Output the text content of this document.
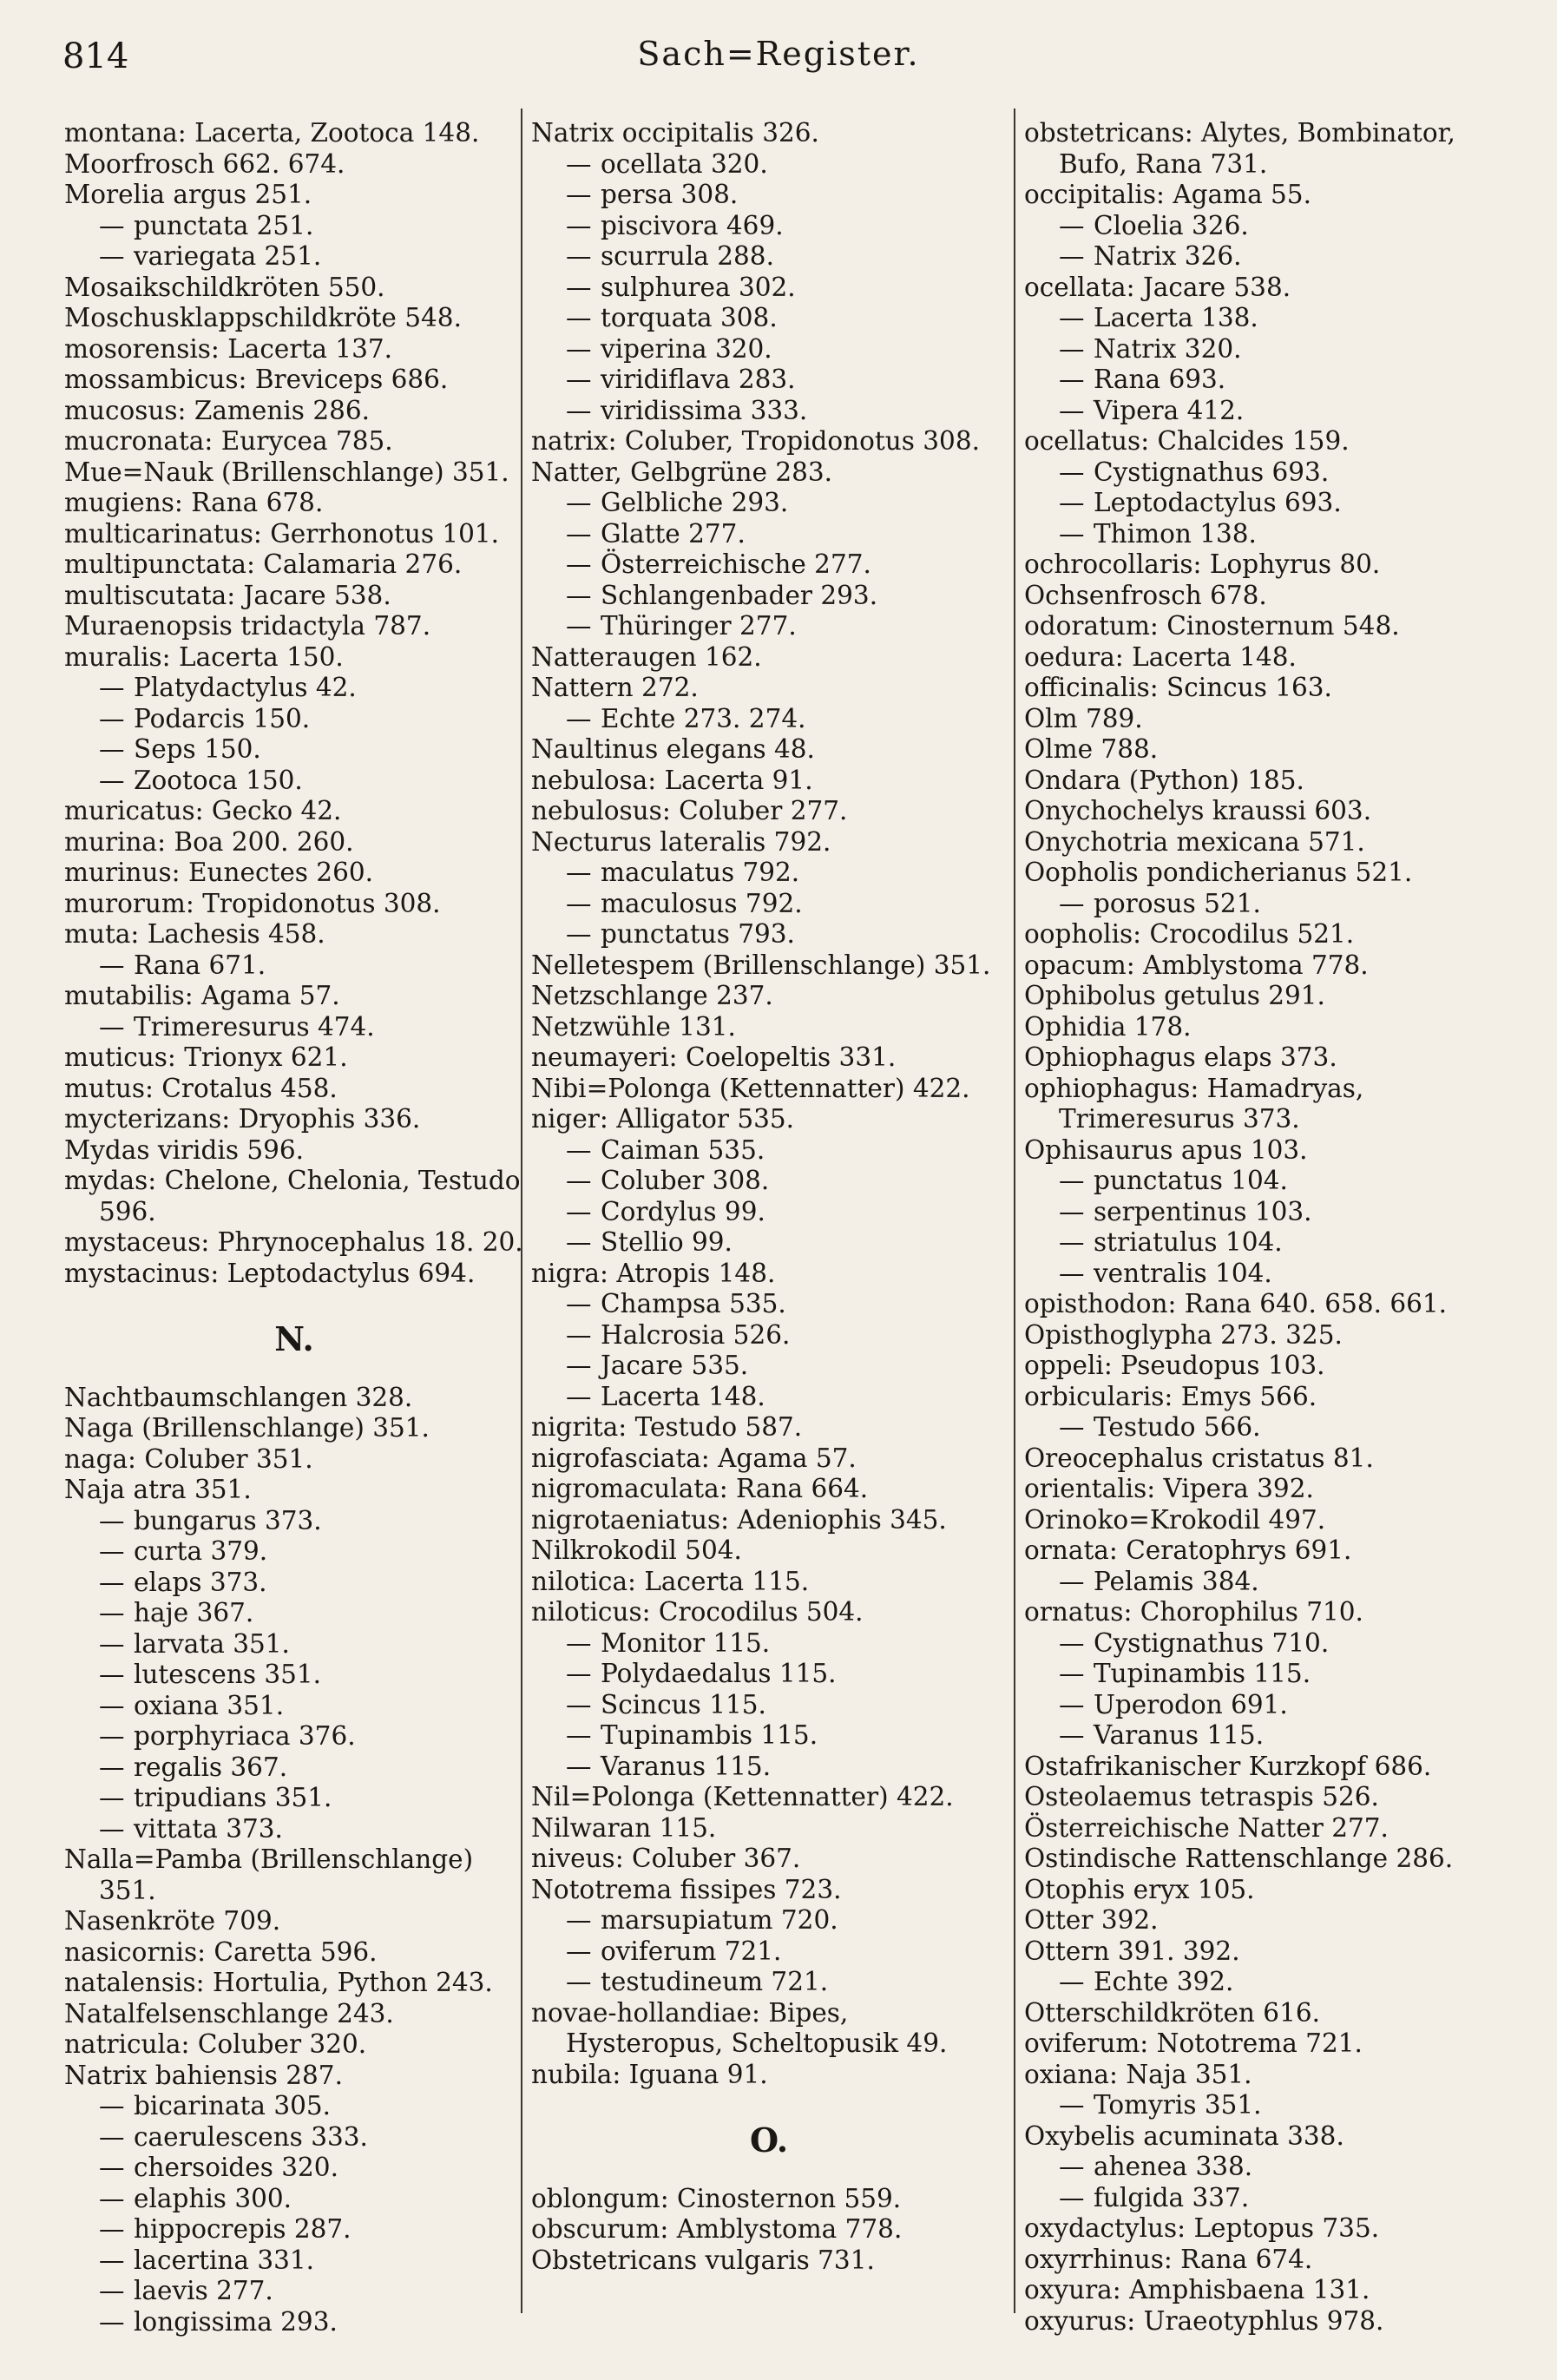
814	Sach=Register.
montana: Lacerta, Zootoca 148.
Moorfrosch 662. 674.
Morelia argus 251.
— punctata 251.
— variegata 251.
Mosaikschildkröten 550.
Moschusklappschildkröte 548.
mosorensis: Lacerta 137.
mossambicus: Breviceps 686.
mucosus: Zamenis 286.
mucronata: Eurycea 785.
Mue=Nauk (Brillenschlange) 351.
mugiens: Rana 678.
multicarinatus: Gerrhonotus 101.
multipunctata: Calamaria 276.
multiscutata: Jacare 538.
Muraenopsis tridactyla 787.
muralis: Lacerta 150.
— Platydactylus 42.
— Podarcis 150.
— Seps 150.
— Zootoca 150.
muricatus: Gecko 42.
murina: Boa 200. 260.
murinus: Eunectes 260.
murorum: Tropidonotus 308.
muta: Lachesis 458.
— Rana 671.
mutabilis: Agama 57.
— Trimeresurus 474.
muticus: Trionyx 621.
mutus: Crotalus 458.
mycterizans: Dryophis 336.
Mydas viridis 596.
mydas: Chelone, Chelonia, Testudo 596.
mystaceus: Phrynocephalus 18. 20.
mystacinus: Leptodactylus 694.
N.
Nachtbaumschlangen 328.
Naga (Brillenschlange) 351.
naga: Coluber 351.
Naja atra 351.
— bungarus 373.
— curta 379.
— elaps 373.
— haje 367.
— larvata 351.
— lutescens 351.
— oxiana 351.
— porphyriaca 376.
— regalis 367.
— tripudians 351.
— vittata 373.
Nalla=Pamba (Brillenschlange) 351.
Nasenkröte 709.
nasicornis: Caretta 596.
natalensis: Hortulia, Python 243.
Natalfelsenschlange 243.
natricula: Coluber 320.
Natrix bahiensis 287.
— bicarinata 305.
— caerulescens 333.
— chersoides 320.
— elaphis 300.
— hippocrepis 287.
— lacertina 331.
— laevis 277.
— longissima 293.
Natrix occipitalis 326.
— ocellata 320.
— persa 308.
— piscivora 469.
— scurrula 288.
— sulphurea 302.
— torquata 308.
— viperina 320.
— viridiflava 283.
— viridissima 333.
natrix: Coluber, Tropidonotus 308.
Natter, Gelbgrüne 283.
— Gelbliche 293.
— Glatte 277.
— Österreichische 277.
— Schlangenbader 293.
— Thüringer 277.
Natteraugen 162.
Nattern 272.
— Echte 273. 274.
Naultinus elegans 48.
nebulosa: Lacerta 91.
nebulosus: Coluber 277.
Necturus lateralis 792.
— maculatus 792.
— maculosus 792.
— punctatus 793.
Nelletespem (Brillenschlange) 351.
Netzschlange 237.
Netzwühle 131.
neumayeri: Coelopeltis 331.
Nibi=Polonga (Kettennatter) 422.
niger: Alligator 535.
— Caiman 535.
— Coluber 308.
— Cordylus 99.
— Stellio 99.
nigra: Atropis 148.
— Champsa 535.
— Halcrosia 526.
— Jacare 535.
— Lacerta 148.
nigrita: Testudo 587.
nigrofasciata: Agama 57.
nigromaculata: Rana 664.
nigrotaeniatus: Adeniophis 345.
Nilkrokodil 504.
nilotica: Lacerta 115.
niloticus: Crocodilus 504.
— Monitor 115.
— Polydaedalus 115.
— Scincus 115.
— Tupinambis 115.
— Varanus 115.
Nil=Polonga (Kettennatter) 422.
Nilwaran 115.
niveus: Coluber 367.
Nototrema fissipes 723.
— marsupiatum 720.
— oviferum 721.
— testudineum 721.
novae-hollandiae: Bipes, Hysteropus, Scheltopusik 49.
nubila: Iguana 91.
O.
oblongum: Cinosternon 559.
obscurum: Amblystoma 778.
Obstetricans vulgaris 731.
obstetricans: Alytes, Bombinator, Bufo, Rana 731.
occipitalis: Agama 55.
— Cloelia 326.
— Natrix 326.
ocellata: Jacare 538.
— Lacerta 138.
— Natrix 320.
— Rana 693.
— Vipera 412.
ocellatus: Chalcides 159.
— Cystignathus 693.
— Leptodactylus 693.
— Thimon 138.
ochrocollaris: Lophyrus 80.
Ochsenfrosch 678.
odoratum: Cinosternum 548.
oedura: Lacerta 148.
officinalis: Scincus 163.
Olm 789.
Olme 788.
Ondara (Python) 185.
Onychochelys kraussi 603.
Onychotria mexicana 571.
Oopholis pondicherianus 521.
— porosus 521.
oopholis: Crocodilus 521.
opacum: Amblystoma 778.
Ophibolus getulus 291.
Ophidia 178.
Ophiophagus elaps 373.
ophiophagus: Hamadryas, Trimeresurus 373.
Ophisaurus apus 103.
— punctatus 104.
— serpentinus 103.
— striatulus 104.
— ventralis 104.
opisthodon: Rana 640. 658. 661.
Opisthoglypha 273. 325.
oppeli: Pseudopus 103.
orbicularis: Emys 566.
— Testudo 566.
Oreocephalus cristatus 81.
orientalis: Vipera 392.
Orinoko=Krokodil 497.
ornata: Ceratophrys 691.
— Pelamis 384.
ornatus: Chorophilus 710.
— Cystignathus 710.
— Tupinambis 115.
— Uperodon 691.
— Varanus 115.
Ostafrikanischer Kurzkopf 686.
Osteolaemus tetraspis 526.
Österreichische Natter 277.
Ostindische Rattenschlange 286.
Otophis eryx 105.
Otter 392.
Ottern 391. 392.
— Echte 392.
Otterschildkröten 616.
oviferum: Nototrema 721.
oxiana: Naja 351.
— Tomyris 351.
Oxybelis acuminata 338.
— ahenea 338.
— fulgida 337.
oxydactylus: Leptopus 735.
oxyrrhinus: Rana 674.
oxyura: Amphisbaena 131.
oxyurus: Uraeotyphlus 978.
